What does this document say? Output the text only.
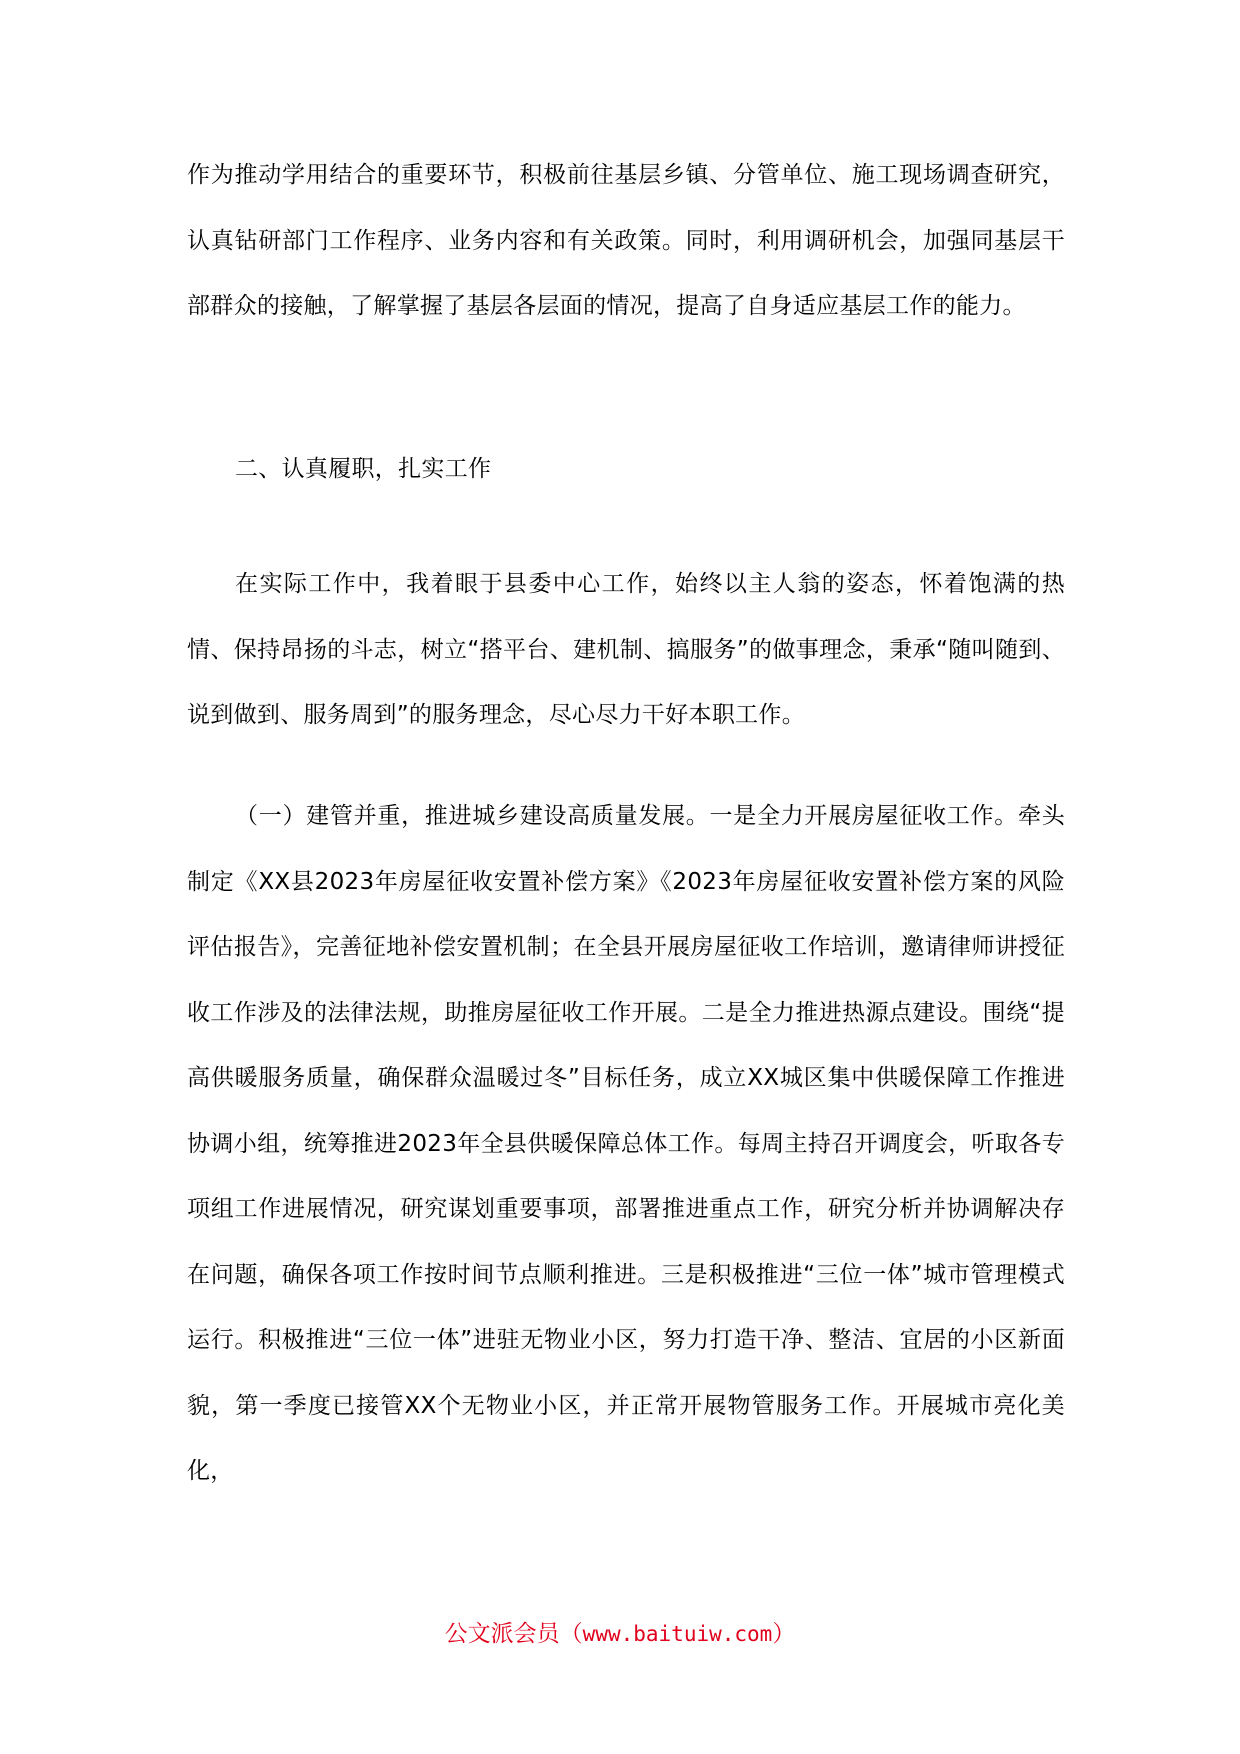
作为推动学用结合的重要环节，积极前往基层乡镇、分管单位、施工现场调查研究，认真钻研部门工作程序、业务内容和有关政策。同时，利用调研机会，加强同基层干部群众的接触，了解掌握了基层各层面的情况，提高了自身适应基层工作的能力。

二、认真履职，扎实工作

在实际工作中，我着眼于县委中心工作，始终以主人翁的姿态，怀着饱满的热情、保持昂扬的斗志，树立“搭平台、建机制、搞服务”的做事理念，秉承“随叫随到、说到做到、服务周到”的服务理念，尽心尽力干好本职工作。

（一）建管并重，推进城乡建设高质量发展。一是全力开展房屋征收工作。牵头制定《XX县2023年房屋征收安置补偿方案》《2023年房屋征收安置补偿方案的风险评估报告》，完善征地补偿安置机制；在全县开展房屋征收工作培训，邀请律师讲授征收工作涉及的法律法规，助推房屋征收工作开展。二是全力推进热源点建设。围绕“提高供暖服务质量，确保群众温暖过冬”目标任务，成立XX城区集中供暖保障工作推进协调小组，统筹推进2023年全县供暖保障总体工作。每周主持召开调度会，听取各专项组工作进展情况，研究谋划重要事项，部署推进重点工作，研究分析并协调解决存在问题，确保各项工作按时间节点顺利推进。三是积极推进“三位一体”城市管理模式运行。积极推进“三位一体”进驻无物业小区，努力打造干净、整洁、宜居的小区新面貌，第一季度已接管XX个无物业小区，并正常开展物管服务工作。开展城市亮化美化，

公文派会员（www.baituiw.com）
